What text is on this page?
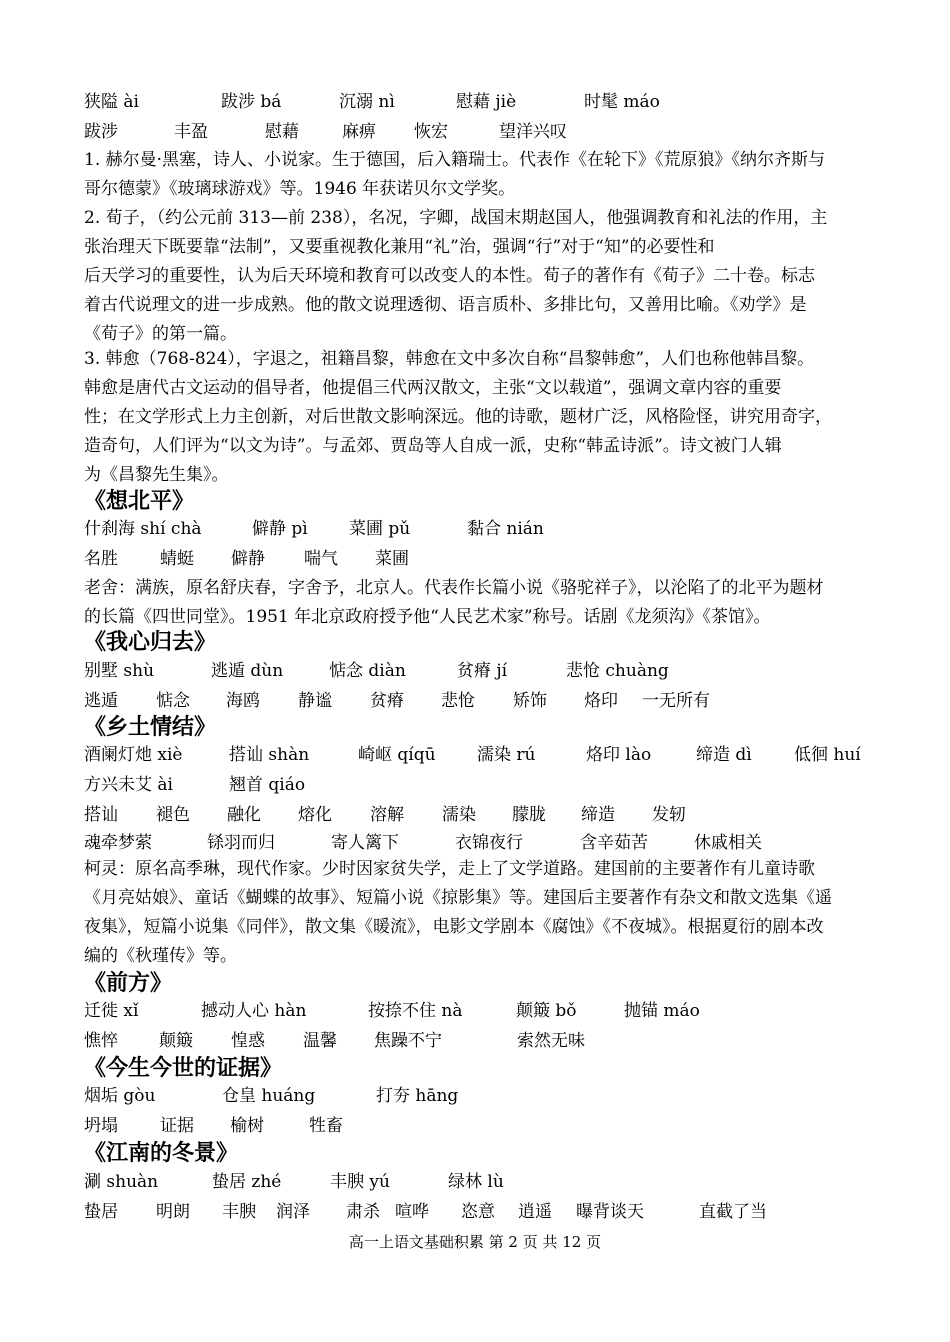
狭隘 ài	跋涉 bá	沉溺 nì	慰藉 jiè	时髦 máo
跋涉	丰盈	慰藉	麻痹 恢宏	望洋兴叹
1. 赫尔曼·黑塞，诗人、小说家。生于德国，后入籍瑞士。代表作《在轮下》《荒原狼》《纳尔齐斯与
哥尔德蒙》《玻璃球游戏》等。1946 年获诺贝尔文学奖。
2. 荀子，（约公元前 313—前 238），名况，字卿，战国末期赵国人，他强调教育和礼法的作用，主
张治理天下既要靠“法制”，又要重视教化兼用“礼”治，强调“行”对于“知”的必要性和
后天学习的重要性，认为后天环境和教育可以改变人的本性。荀子的著作有《荀子》二十卷。标志
着古代说理文的进一步成熟。他的散文说理透彻、语言质朴、多排比句，又善用比喻。《劝学》是
《荀子》的第一篇。
3. 韩愈（768-824），字退之，祖籍昌黎，韩愈在文中多次自称“昌黎韩愈”，人们也称他韩昌黎。
韩愈是唐代古文运动的倡导者，他提倡三代两汉散文，主张“文以载道”，强调文章内容的重要
性；在文学形式上力主创新，对后世散文影响深远。他的诗歌，题材广泛，风格险怪，讲究用奇字，
造奇句，人们评为“以文为诗”。与孟郊、贾岛等人自成一派，史称“韩孟诗派”。诗文被门人辑
为《昌黎先生集》。
《想北平》
什刹海 shí chà	僻静 pì 菜圃 pǔ	黏合 nián
名胜 蜻蜓 僻静 喘气 菜圃
老舍：满族，原名舒庆春，字舍予，北京人。代表作长篇小说《骆驼祥子》，以沦陷了的北平为题材
的长篇《四世同堂》。1951 年北京政府授予他“人民艺术家”称号。话剧《龙须沟》《茶馆》。
《我心归去》
别墅 shù	逃遁 dùn	惦念 diàn	贫瘠 jí	悲怆 chuàng
逃遁 惦念 海鸥 静谧 贫瘠 悲怆 矫饰 烙印 一无所有
《乡土情结》
酒阑灯灺 xiè	搭讪 shàn	崎岖 qíqū 濡染 rú	烙印 lào	缔造 dì 低徊 huí
方兴未艾 ài	翘首 qiáo
搭讪 褪色 融化 熔化 溶解 濡染 朦胧 缔造 发轫
魂牵梦萦	铩羽而归	寄人篱下	衣锦夜行	含辛茹苦	休戚相关
柯灵：原名高季琳，现代作家。少时因家贫失学，走上了文学道路。建国前的主要著作有儿童诗歌
《月亮姑娘》、童话《蝴蝶的故事》、短篇小说《掠影集》等。建国后主要著作有杂文和散文选集《遥
夜集》，短篇小说集《同伴》，散文集《暖流》，电影文学剧本《腐蚀》《不夜城》。根据夏衍的剧本改
编的《秋瑾传》等。
《前方》
迁徙 xǐ	撼动人心 hàn	按捺不住 nà	颠簸 bǒ	抛锚 máo
憔悴 颠簸 惶惑 温馨 焦躁不宁	索然无味
《今生今世的证据》
烟垢 gòu	仓皇 huáng	打夯 hāng
坍塌 证据 榆树	牲畜
《江南的冬景》
涮 shuàn	蛰居 zhé	丰腴 yú	绿林 lù
蛰居 明朗 丰腴 润泽 肃杀 喧哗 恣意 逍遥 曝背谈天	直截了当
高一上语文基础积累 第 2 页 共 12 页
